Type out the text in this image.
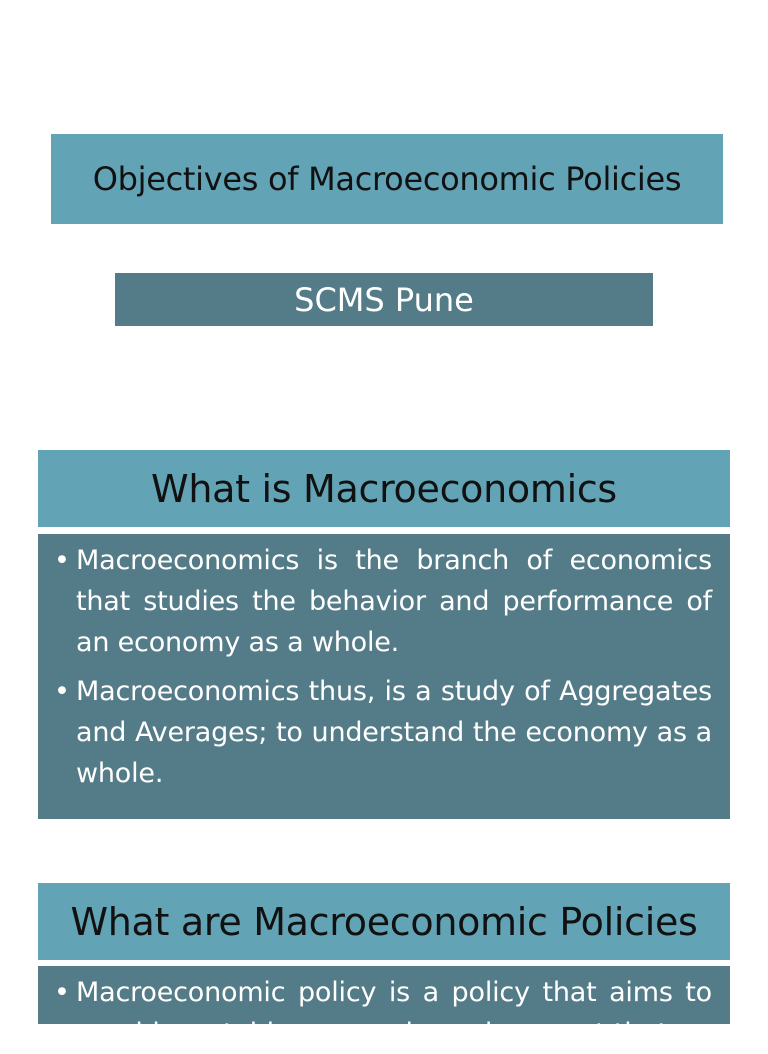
Objectives of Macroeconomic Policies
SCMS Pune
What is Macroeconomics
• Macroeconomics is the branch of economics that studies the behavior and performance of an economy as a whole.
• Macroeconomics thus, is a study of Aggregates and Averages; to understand the economy as a whole.
What are Macroeconomic Policies
• Macroeconomic policy is a policy that aims to provide a stable economic environment that
